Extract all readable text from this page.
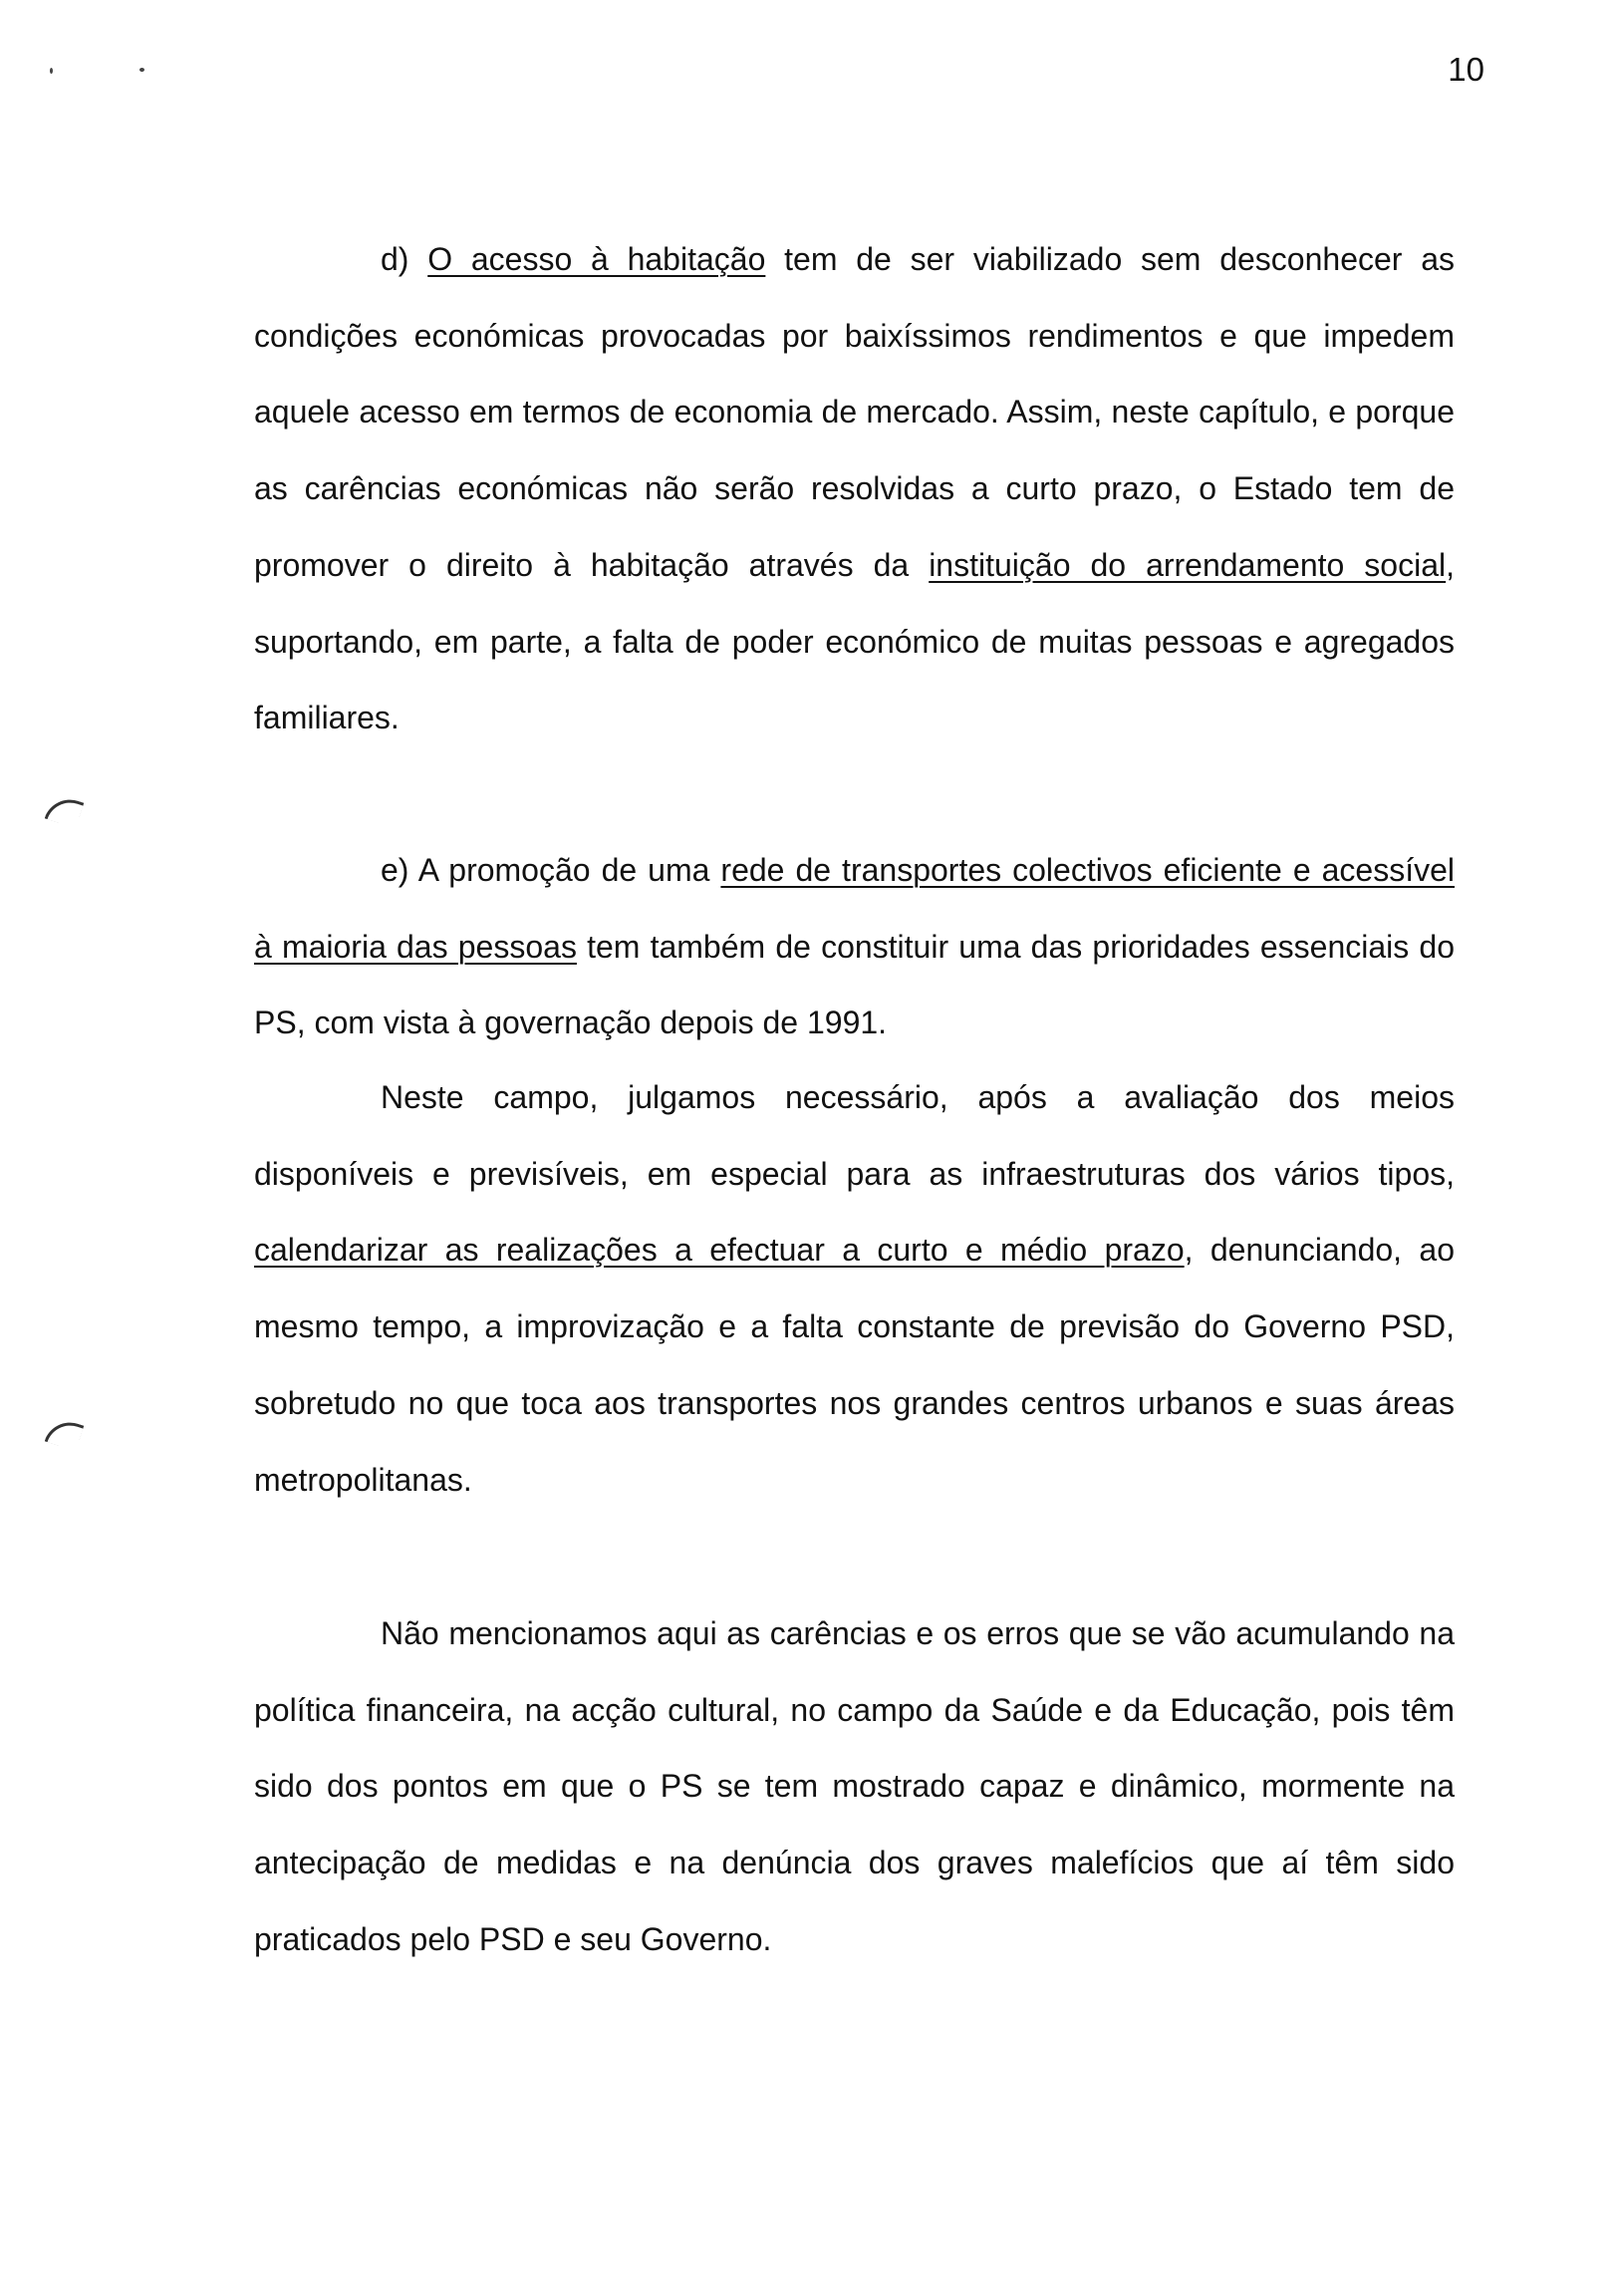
10

d) O acesso à habitação tem de ser viabilizado sem desconhecer as condições económicas provocadas por baixíssimos rendimentos e que impedem aquele acesso em termos de economia de mercado. Assim, neste capítulo, e porque as carências económicas não serão resolvidas a curto prazo, o Estado tem de promover o direito à habitação através da instituição do arrendamento social, suportando, em parte, a falta de poder económico de muitas pessoas e agregados familiares.

e) A promoção de uma rede de transportes colectivos eficiente e acessível à maioria das pessoas tem também de constituir uma das prioridades essenciais do PS, com vista à governação depois de 1991.

Neste campo, julgamos necessário, após a avaliação dos meios disponíveis e previsíveis, em especial para as infraestruturas dos vários tipos, calendarizar as realizações a efectuar a curto e médio prazo, denunciando, ao mesmo tempo, a improvização e a falta constante de previsão do Governo PSD, sobretudo no que toca aos transportes nos grandes centros urbanos e suas áreas metropolitanas.

Não mencionamos aqui as carências e os erros que se vão acumulando na política financeira, na acção cultural, no campo da Saúde e da Educação, pois têm sido dos pontos em que o PS se tem mostrado capaz e dinâmico, mormente na antecipação de medidas e na denúncia dos graves malefícios que aí têm sido praticados pelo PSD e seu Governo.
